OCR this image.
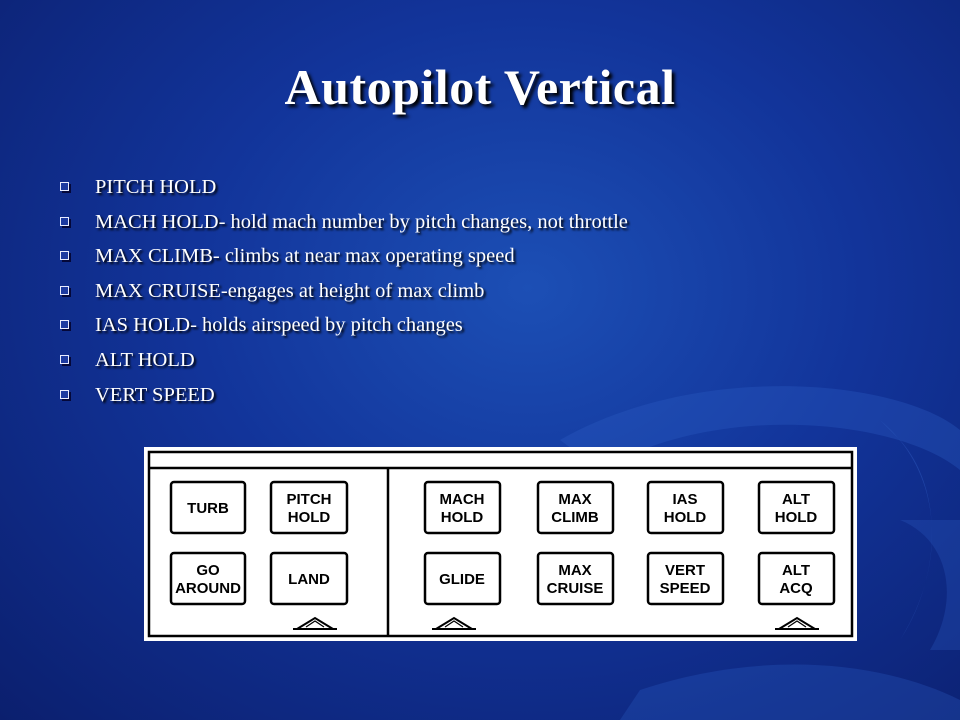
Autopilot Vertical
PITCH HOLD
MACH HOLD- hold mach number by pitch changes, not throttle
MAX CLIMB- climbs at near max operating speed
MAX CRUISE-engages at height of max climb
IAS HOLD- holds airspeed by pitch changes
ALT HOLD
VERT SPEED
TURB
PITCH
HOLD
MACH
HOLD
MAX
CLIMB
IAS
HOLD
ALT
HOLD
GO
AROUND
LAND	GLIDE
MAX
CRUISE
VERT
SPEED
ALT
ACQ
